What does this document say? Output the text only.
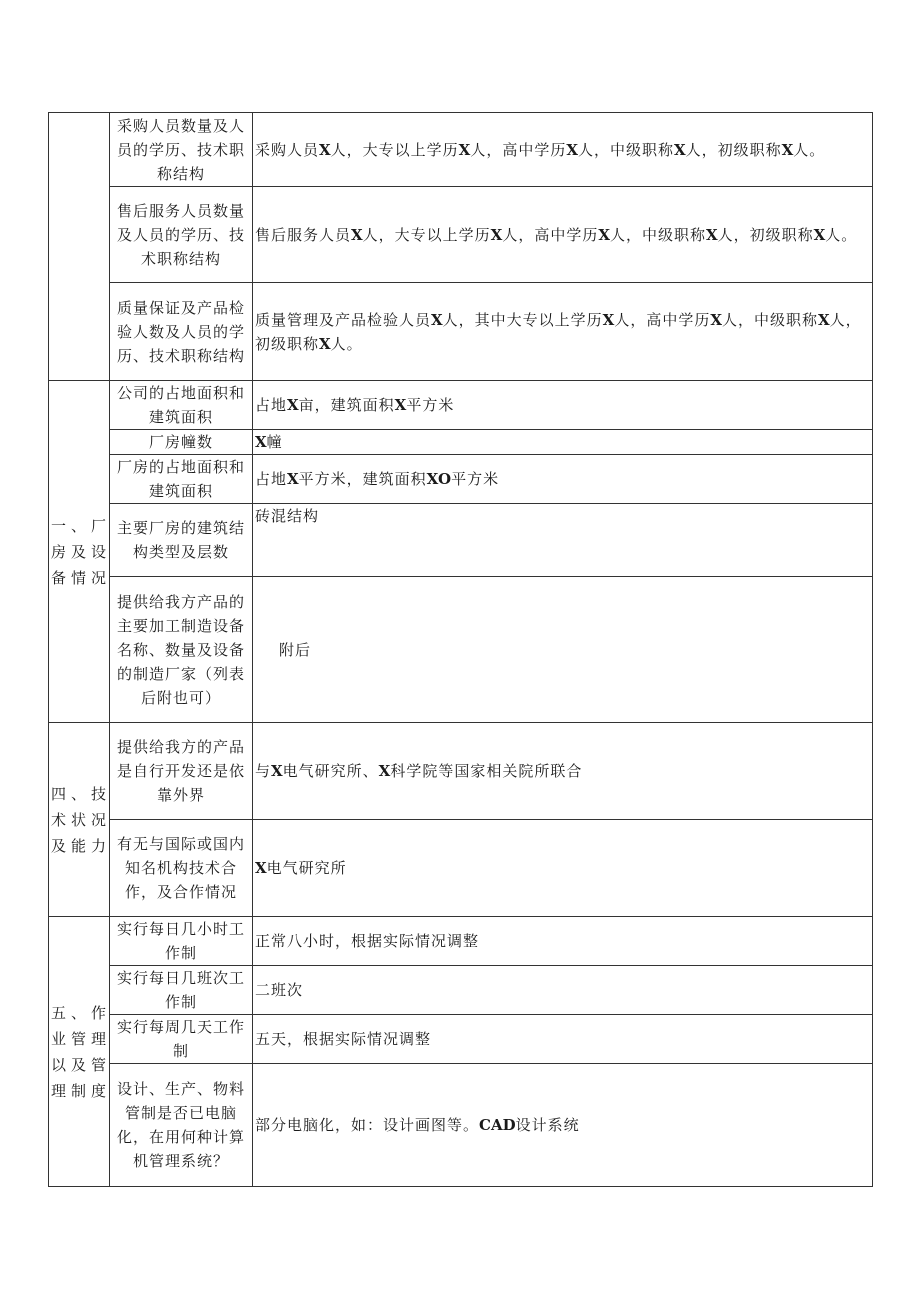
	采购人员数量及人员的学历、技术职称结构	采购人员X人，大专以上学历X人，高中学历X人，中级职称X人，初级职称X人。
	售后服务人员数量及人员的学历、技术职称结构	售后服务人员X人，大专以上学历X人，高中学历X人，中级职称X人，初级职称X人。
	质量保证及产品检验人数及人员的学历、技术职称结构	质量管理及产品检验人员X人，其中大专以上学历X人，高中学历X人，中级职称X人，初级职称X人。
一、厂房及设备情况	公司的占地面积和建筑面积	占地X亩，建筑面积X平方米
	厂房幢数	X幢
	厂房的占地面积和建筑面积	占地X平方米，建筑面积XO平方米
	主要厂房的建筑结构类型及层数	砖混结构
	提供给我方产品的主要加工制造设备名称、数量及设备的制造厂家（列表后附也可）	附后
四、技术状况及能力	提供给我方的产品是自行开发还是依靠外界	与X电气研究所、X科学院等国家相关院所联合
	有无与国际或国内知名机构技术合作，及合作情况	X电气研究所
五、作业管理以及管理制度	实行每日几小时工作制	正常八小时，根据实际情况调整
	实行每日几班次工作制	二班次
	实行每周几天工作制	五天，根据实际情况调整
	设计、生产、物料管制是否已电脑化，在用何种计算机管理系统？	部分电脑化，如：设计画图等。CAD设计系统
